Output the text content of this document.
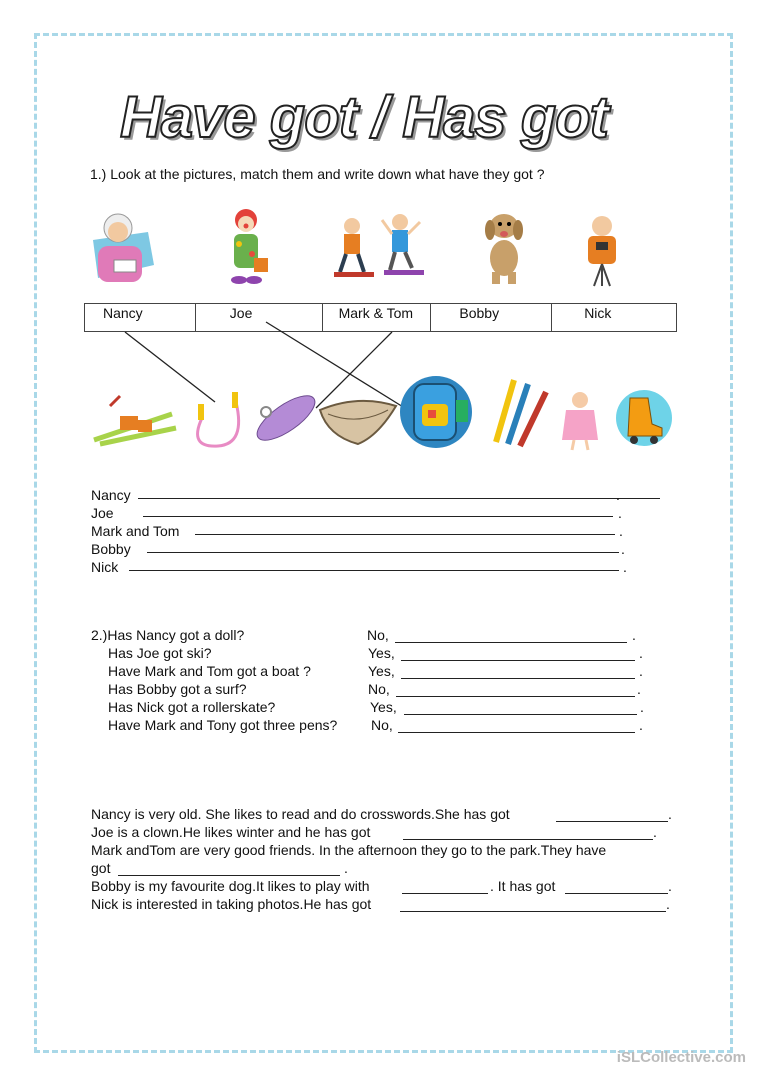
Have got / Has got
1.) Look at the pictures, match them and write down what have they got ?
Nancy	Joe	Mark & Tom	Bobby	Nick
Nancy	.
Joe	.
Mark and Tom	.
Bobby	.
Nick	.
2.)Has Nancy got a doll?	No,	.
Has Joe got ski?	Yes,	.
Have Mark and Tom got a boat ?	Yes,	.
Has Bobby got a surf?	No,	.
Has Nick got a rollerskate?	Yes,	.
Have Mark and Tony got three pens? No,	.
Nancy is very old. She likes to read and do crosswords.She has got	.
Joe is a clown.He likes winter and he has got	.
Mark andTom are very good friends. In the afternoon they go to the park.They have
got	.
Bobby is my favourite dog.It likes to play with	. It has got	.
Nick is interested in taking photos.He has got	.
iSLCollective.com
